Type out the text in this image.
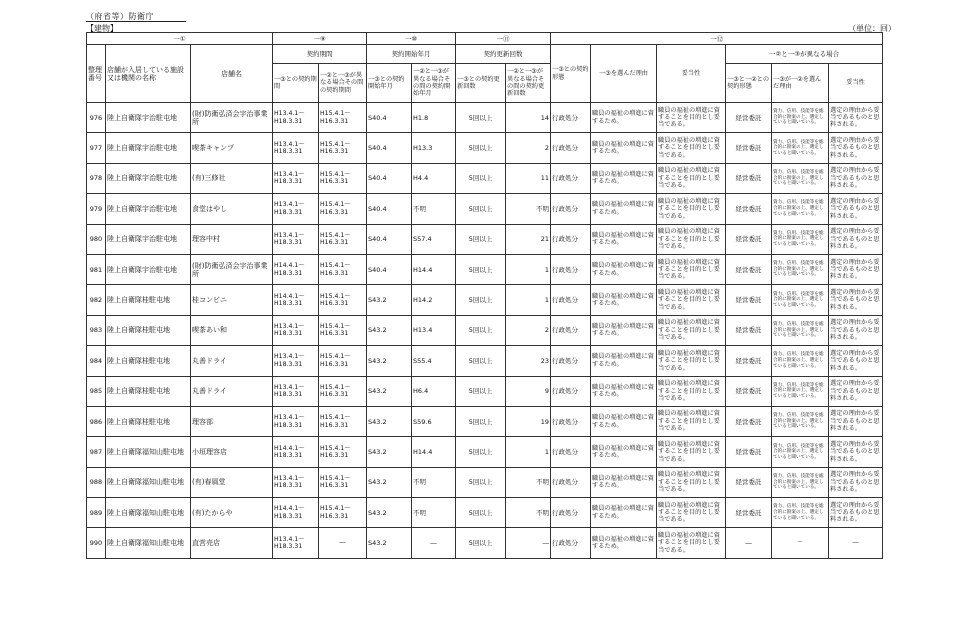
（府省等）防衛庁
【建物】	（単位：回）
一①			一⑨		一⑩		一⑪		一⑫					
整理番号	店舗が入居している施設又は機関の名称	店舗名	契約期間		契約開始年月		契約更新回数		一③との契約形態	一③を選んだ理由	妥当性	一②と一③が異なる場合		
			一③との契約期間	一②と一③が異なる場合その間の契約期間	一③との契約開始年月	一②と一③が異なる場合その間の契約開始年月	一③との契約更新回数	一②と一③が異なる場合その間の契約更新回数				一③と一②との契約形態	一③が一②を選んだ理由	妥当性
976	陸上自衛隊宇治駐屯地	(財)防衛弘済会宇治事業所	H13.4.1～
H18.3.31	H15.4.1～
H16.3.31	S40.4	H1.8	5回以上	14	行政処分	職員の福祉の増進に資するため。	職員の福祉の増進に資することを目的とし妥当である。	経営委託	資力、信用、技能等を総合的に勘案の上、選定していると聞いている。	選定の理由から妥当であるものと思料される。
977	陸上自衛隊宇治駐屯地	喫茶キャンプ	H13.4.1～
H18.3.31	H15.4.1～
H16.3.31	S40.4	H13.3	5回以上	2	行政処分	職員の福祉の増進に資するため。	職員の福祉の増進に資することを目的とし妥当である。	経営委託	資力、信用、技能等を総合的に勘案の上、選定していると聞いている。	選定の理由から妥当であるものと思料される。
978	陸上自衛隊宇治駐屯地	(有)三修社	H13.4.1～
H18.3.31	H15.4.1～
H16.3.31	S40.4	H4.4	5回以上	11	行政処分	職員の福祉の増進に資するため。	職員の福祉の増進に資することを目的とし妥当である。	経営委託	資力、信用、技能等を総合的に勘案の上、選定していると聞いている。	選定の理由から妥当であるものと思料される。
979	陸上自衛隊宇治駐屯地	食堂はやし	H13.4.1～
H18.3.31	H15.4.1～
H16.3.31	S40.4	不明	5回以上	不明	行政処分	職員の福祉の増進に資するため。	職員の福祉の増進に資することを目的とし妥当である。	経営委託	資力、信用、技能等を総合的に勘案の上、選定していると聞いている。	選定の理由から妥当であるものと思料される。
980	陸上自衛隊宇治駐屯地	理容中村	H13.4.1～
H18.3.31	H15.4.1～
H16.3.31	S40.4	S57.4	5回以上	21	行政処分	職員の福祉の増進に資するため。	職員の福祉の増進に資することを目的とし妥当である。	経営委託	資力、信用、技能等を総合的に勘案の上、選定していると聞いている。	選定の理由から妥当であるものと思料される。
981	陸上自衛隊宇治駐屯地	(財)防衛弘済会宇治事業所	H14.4.1～
H18.3.31	H15.4.1～
H16.3.31	S40.4	H14.4	5回以上	1	行政処分	職員の福祉の増進に資するため。	職員の福祉の増進に資することを目的とし妥当である。	経営委託	資力、信用、技能等を総合的に勘案の上、選定していると聞いている。	選定の理由から妥当であるものと思料される。
982	陸上自衛隊桂駐屯地	桂コンビニ	H14.4.1～
H18.3.31	H15.4.1～
H16.3.31	S43.2	H14.2	5回以上	1	行政処分	職員の福祉の増進に資するため。	職員の福祉の増進に資することを目的とし妥当である。	経営委託	資力、信用、技能等を総合的に勘案の上、選定していると聞いている。	選定の理由から妥当であるものと思料される。
983	陸上自衛隊桂駐屯地	喫茶あい和	H13.4.1～
H18.3.31	H15.4.1～
H16.3.31	S43.2	H13.4	5回以上	2	行政処分	職員の福祉の増進に資するため。	職員の福祉の増進に資することを目的とし妥当である。	経営委託	資力、信用、技能等を総合的に勘案の上、選定していると聞いている。	選定の理由から妥当であるものと思料される。
984	陸上自衛隊桂駐屯地	丸善ドライ	H13.4.1～
H18.3.31	H15.4.1～
H16.3.31	S43.2	S55.4	5回以上	23	行政処分	職員の福祉の増進に資するため。	職員の福祉の増進に資することを目的とし妥当である。	経営委託	資力、信用、技能等を総合的に勘案の上、選定していると聞いている。	選定の理由から妥当であるものと思料される。
985	陸上自衛隊桂駐屯地	丸善ドライ	H13.4.1～
H18.3.31	H15.4.1～
H16.3.31	S43.2	H6.4	5回以上	9	行政処分	職員の福祉の増進に資するため。	職員の福祉の増進に資することを目的とし妥当である。	経営委託	資力、信用、技能等を総合的に勘案の上、選定していると聞いている。	選定の理由から妥当であるものと思料される。
986	陸上自衛隊桂駐屯地	理容部	H13.4.1～
H18.3.31	H15.4.1～
H16.3.31	S43.2	S59.6	5回以上	19	行政処分	職員の福祉の増進に資するため。	職員の福祉の増進に資することを目的とし妥当である。	経営委託	資力、信用、技能等を総合的に勘案の上、選定していると聞いている。	選定の理由から妥当であるものと思料される。
987	陸上自衛隊福知山駐屯地	小垣理容店	H14.4.1～
H18.3.31	H15.4.1～
H16.3.31	S43.2	H14.4	5回以上	1	行政処分	職員の福祉の増進に資するため。	職員の福祉の増進に資することを目的とし妥当である。	経営委託	資力、信用、技能等を総合的に勘案の上、選定していると聞いている。	選定の理由から妥当であるものと思料される。
988	陸上自衛隊福知山駐屯地	(有)春風堂	H13.4.1～
H18.3.31	H15.4.1～
H16.3.31	S43.2	不明	5回以上	不明	行政処分	職員の福祉の増進に資するため。	職員の福祉の増進に資することを目的とし妥当である。	経営委託	資力、信用、技能等を総合的に勘案の上、選定していると聞いている。	選定の理由から妥当であるものと思料される。
989	陸上自衛隊福知山駐屯地	(有)たからや	H14.4.1～
H18.3.31	H15.4.1～
H16.3.31	S43.2	不明	5回以上	不明	行政処分	職員の福祉の増進に資するため。	職員の福祉の増進に資することを目的とし妥当である。	経営委託	資力、信用、技能等を総合的に勘案の上、選定していると聞いている。	選定の理由から妥当であるものと思料される。
990	陸上自衛隊福知山駐屯地	直営売店	H13.4.1～
H18.3.31	―	S43.2	―	5回以上	―	行政処分	職員の福祉の増進に資するため。	職員の福祉の増進に資することを目的とし妥当である。	―	―	―
